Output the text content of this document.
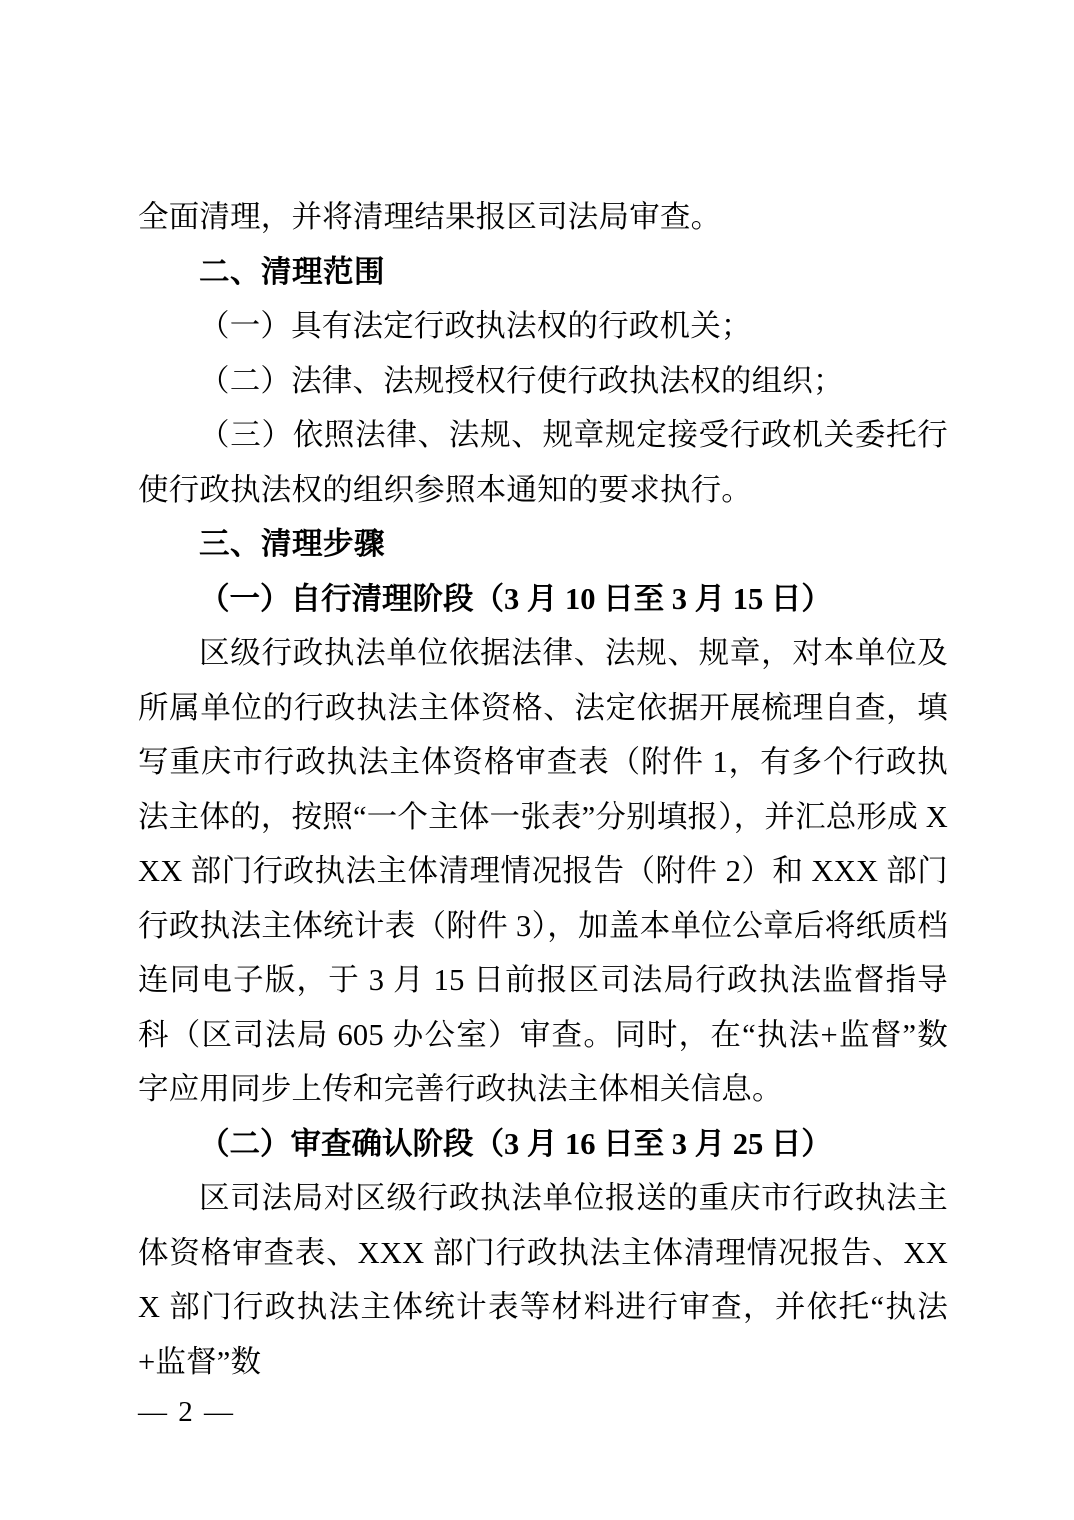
全面清理，并将清理结果报区司法局审查。

二、清理范围

（一）具有法定行政执法权的行政机关；

（二）法律、法规授权行使行政执法权的组织；

（三）依照法律、法规、规章规定接受行政机关委托行使行政执法权的组织参照本通知的要求执行。

三、清理步骤

（一）自行清理阶段（3 月 10 日至 3 月 15 日）

区级行政执法单位依据法律、法规、规章，对本单位及所属单位的行政执法主体资格、法定依据开展梳理自查，填写重庆市行政执法主体资格审查表（附件 1，有多个行政执法主体的，按照“一个主体一张表”分别填报），并汇总形成 XXX 部门行政执法主体清理情况报告（附件 2）和 XXX 部门行政执法主体统计表（附件 3），加盖本单位公章后将纸质档连同电子版，于 3 月 15 日前报区司法局行政执法监督指导科（区司法局 605 办公室）审查。同时，在“执法+监督”数字应用同步上传和完善行政执法主体相关信息。

（二）审查确认阶段（3 月 16 日至 3 月 25 日）

区司法局对区级行政执法单位报送的重庆市行政执法主体资格审查表、XXX 部门行政执法主体清理情况报告、XXX 部门行政执法主体统计表等材料进行审查，并依托“执法+监督”数

— 2 —
